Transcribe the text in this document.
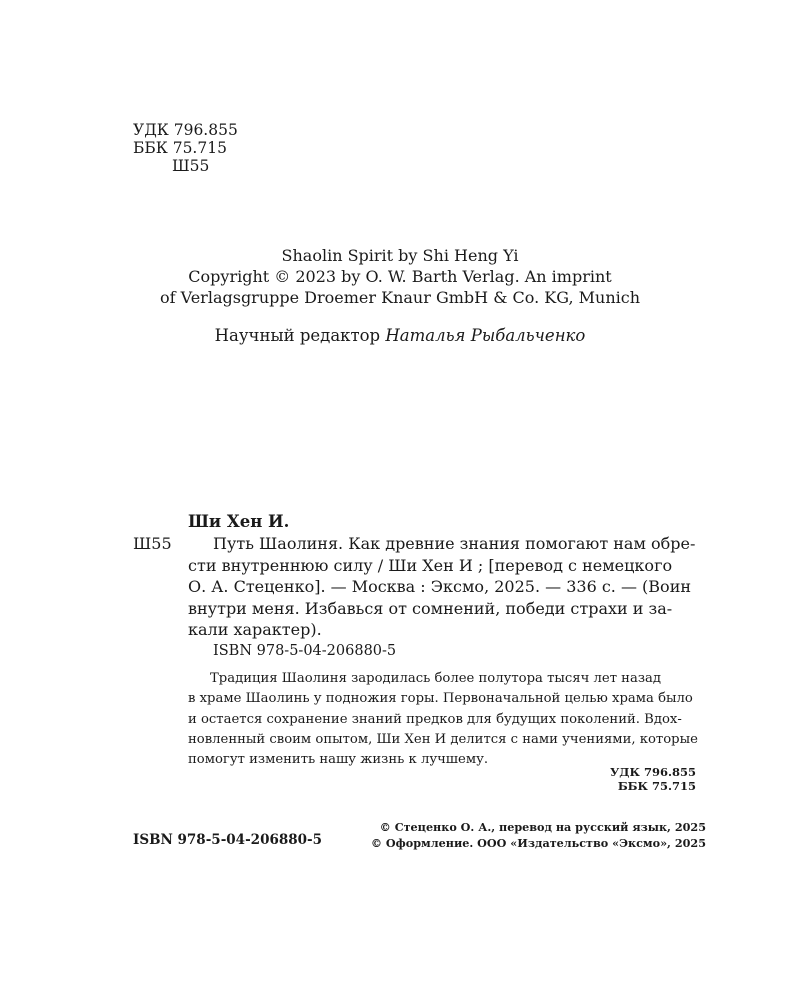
УДК 796.855
ББК 75.715
Ш55
Shaolin Spirit by Shi Heng Yi
Copyright © 2023 by O. W. Barth Verlag. An imprint
of Verlagsgruppe Droemer Knaur GmbH & Co. KG, Munich
Научный редактор Наталья Рыбальченко
Ши Хен И.
Ш55	Путь Шаолиня. Как древние знания помогают нам обре-
сти внутреннюю силу / Ши Хен И ; [перевод с немецкого
О. А. Стеценко]. — Москва : Эксмо, 2025. — 336 с. — (Воин
внутри меня. Избавься от сомнений, победи страхи и за-
кали характер).
ISBN 978-5-04-206880-5
Традиция Шаолиня зародилась более полутора тысяч лет назад
в храме Шаолинь у подножия горы. Первоначальной целью храма было
и остается сохранение знаний предков для будущих поколений. Вдох-
новленный своим опытом, Ши Хен И делится с нами учениями, которые
помогут изменить нашу жизнь к лучшему.
УДК 796.855
ББК 75.715
ISBN 978-5-04-206880-5
© Стеценко О. А., перевод на русский язык, 2025
© Оформление. ООО «Издательство «Эксмо», 2025
